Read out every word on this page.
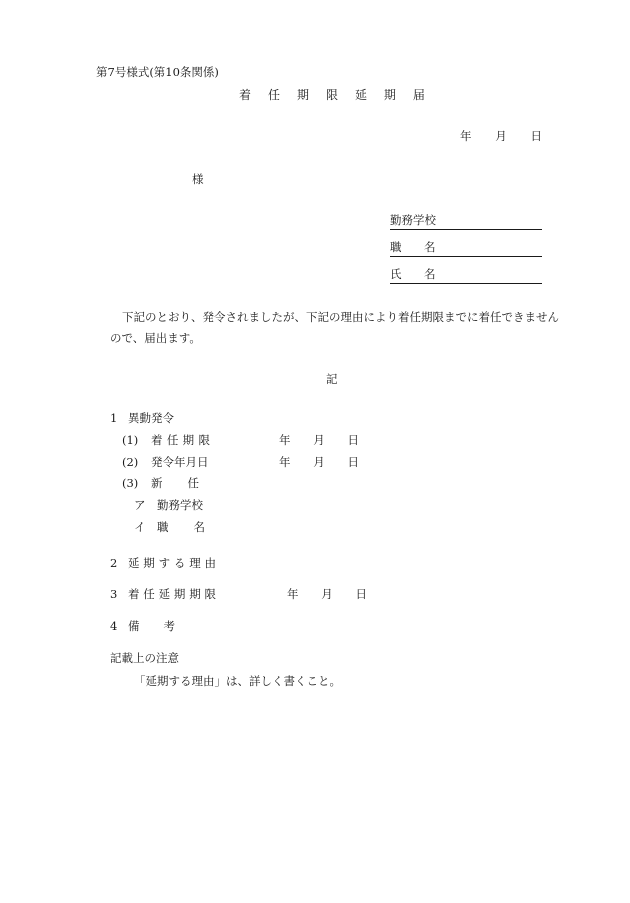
第7号様式(第10条関係)
着 任 期 限 延 期 届
年 月 日
様
勤務学校
職 名
氏 名
下記のとおり、発令されましたが、下記の理由により着任期限までに着任できません
ので、届出ます。
記
1 異動発令
(1) 着 任 期 限	年 月 日
(2) 発令年月日	年 月 日
(3) 新 任
ア 勤務学校
イ 職 名
2 延 期 す る 理 由
3 着 任 延 期 期 限	年 月 日
4 備 考
記載上の注意
「延期する理由」は、詳しく書くこと。
